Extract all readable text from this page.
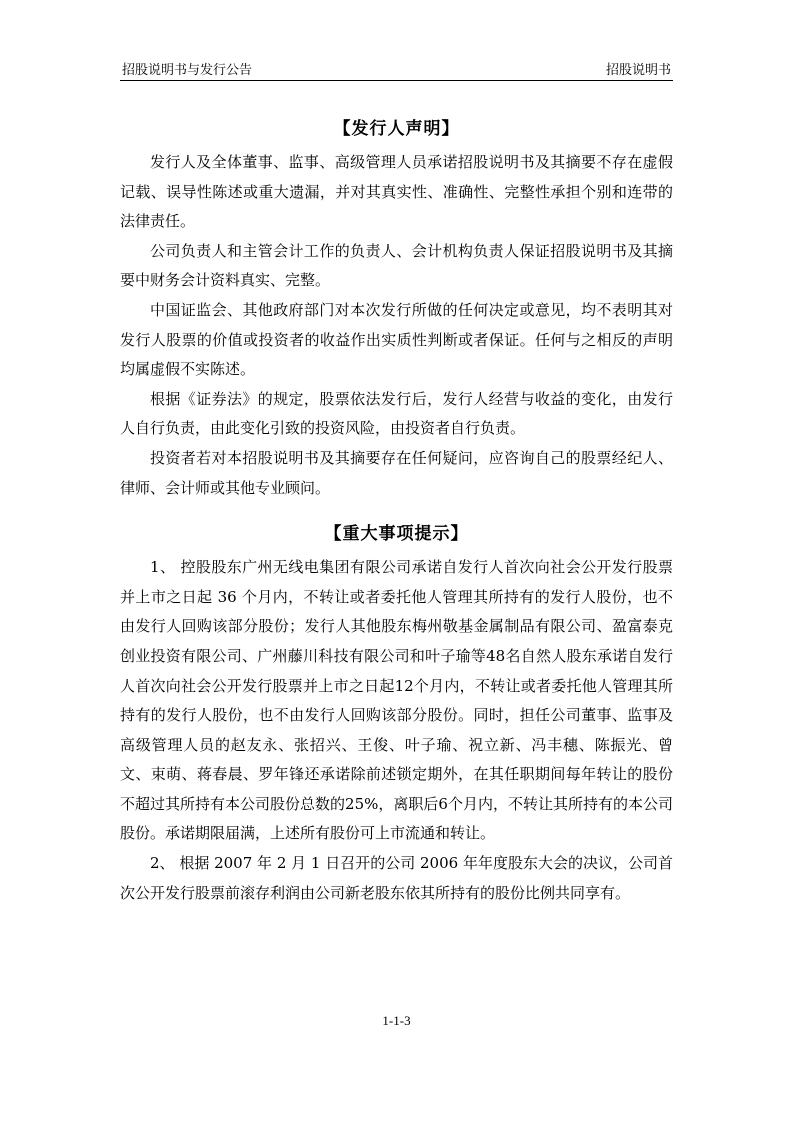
招股说明书与发行公告	招股说明书
【发行人声明】

发行人及全体董事、监事、高级管理人员承诺招股说明书及其摘要不存在虚假记载、误导性陈述或重大遗漏，并对其真实性、准确性、完整性承担个别和连带的法律责任。

公司负责人和主管会计工作的负责人、会计机构负责人保证招股说明书及其摘要中财务会计资料真实、完整。

中国证监会、其他政府部门对本次发行所做的任何决定或意见，均不表明其对发行人股票的价值或投资者的收益作出实质性判断或者保证。任何与之相反的声明均属虚假不实陈述。

根据《证券法》的规定，股票依法发行后，发行人经营与收益的变化，由发行人自行负责，由此变化引致的投资风险，由投资者自行负责。

投资者若对本招股说明书及其摘要存在任何疑问，应咨询自己的股票经纪人、律师、会计师或其他专业顾问。

【重大事项提示】

1、 控股股东广州无线电集团有限公司承诺自发行人首次向社会公开发行股票并上市之日起 36 个月内，不转让或者委托他人管理其所持有的发行人股份，也不由发行人回购该部分股份；发行人其他股东梅州敬基金属制品有限公司、盈富泰克创业投资有限公司、广州藤川科技有限公司和叶子瑜等48名自然人股东承诺自发行人首次向社会公开发行股票并上市之日起12个月内，不转让或者委托他人管理其所持有的发行人股份，也不由发行人回购该部分股份。同时，担任公司董事、监事及高级管理人员的赵友永、张招兴、王俊、叶子瑜、祝立新、冯丰穗、陈振光、曾文、束萌、蒋春晨、罗年锋还承诺除前述锁定期外，在其任职期间每年转让的股份不超过其所持有本公司股份总数的25%，离职后6个月内，不转让其所持有的本公司股份。承诺期限届满，上述所有股份可上市流通和转让。

2、 根据 2007 年 2 月 1 日召开的公司 2006 年年度股东大会的决议，公司首次公开发行股票前滚存利润由公司新老股东依其所持有的股份比例共同享有。

1-1-3
